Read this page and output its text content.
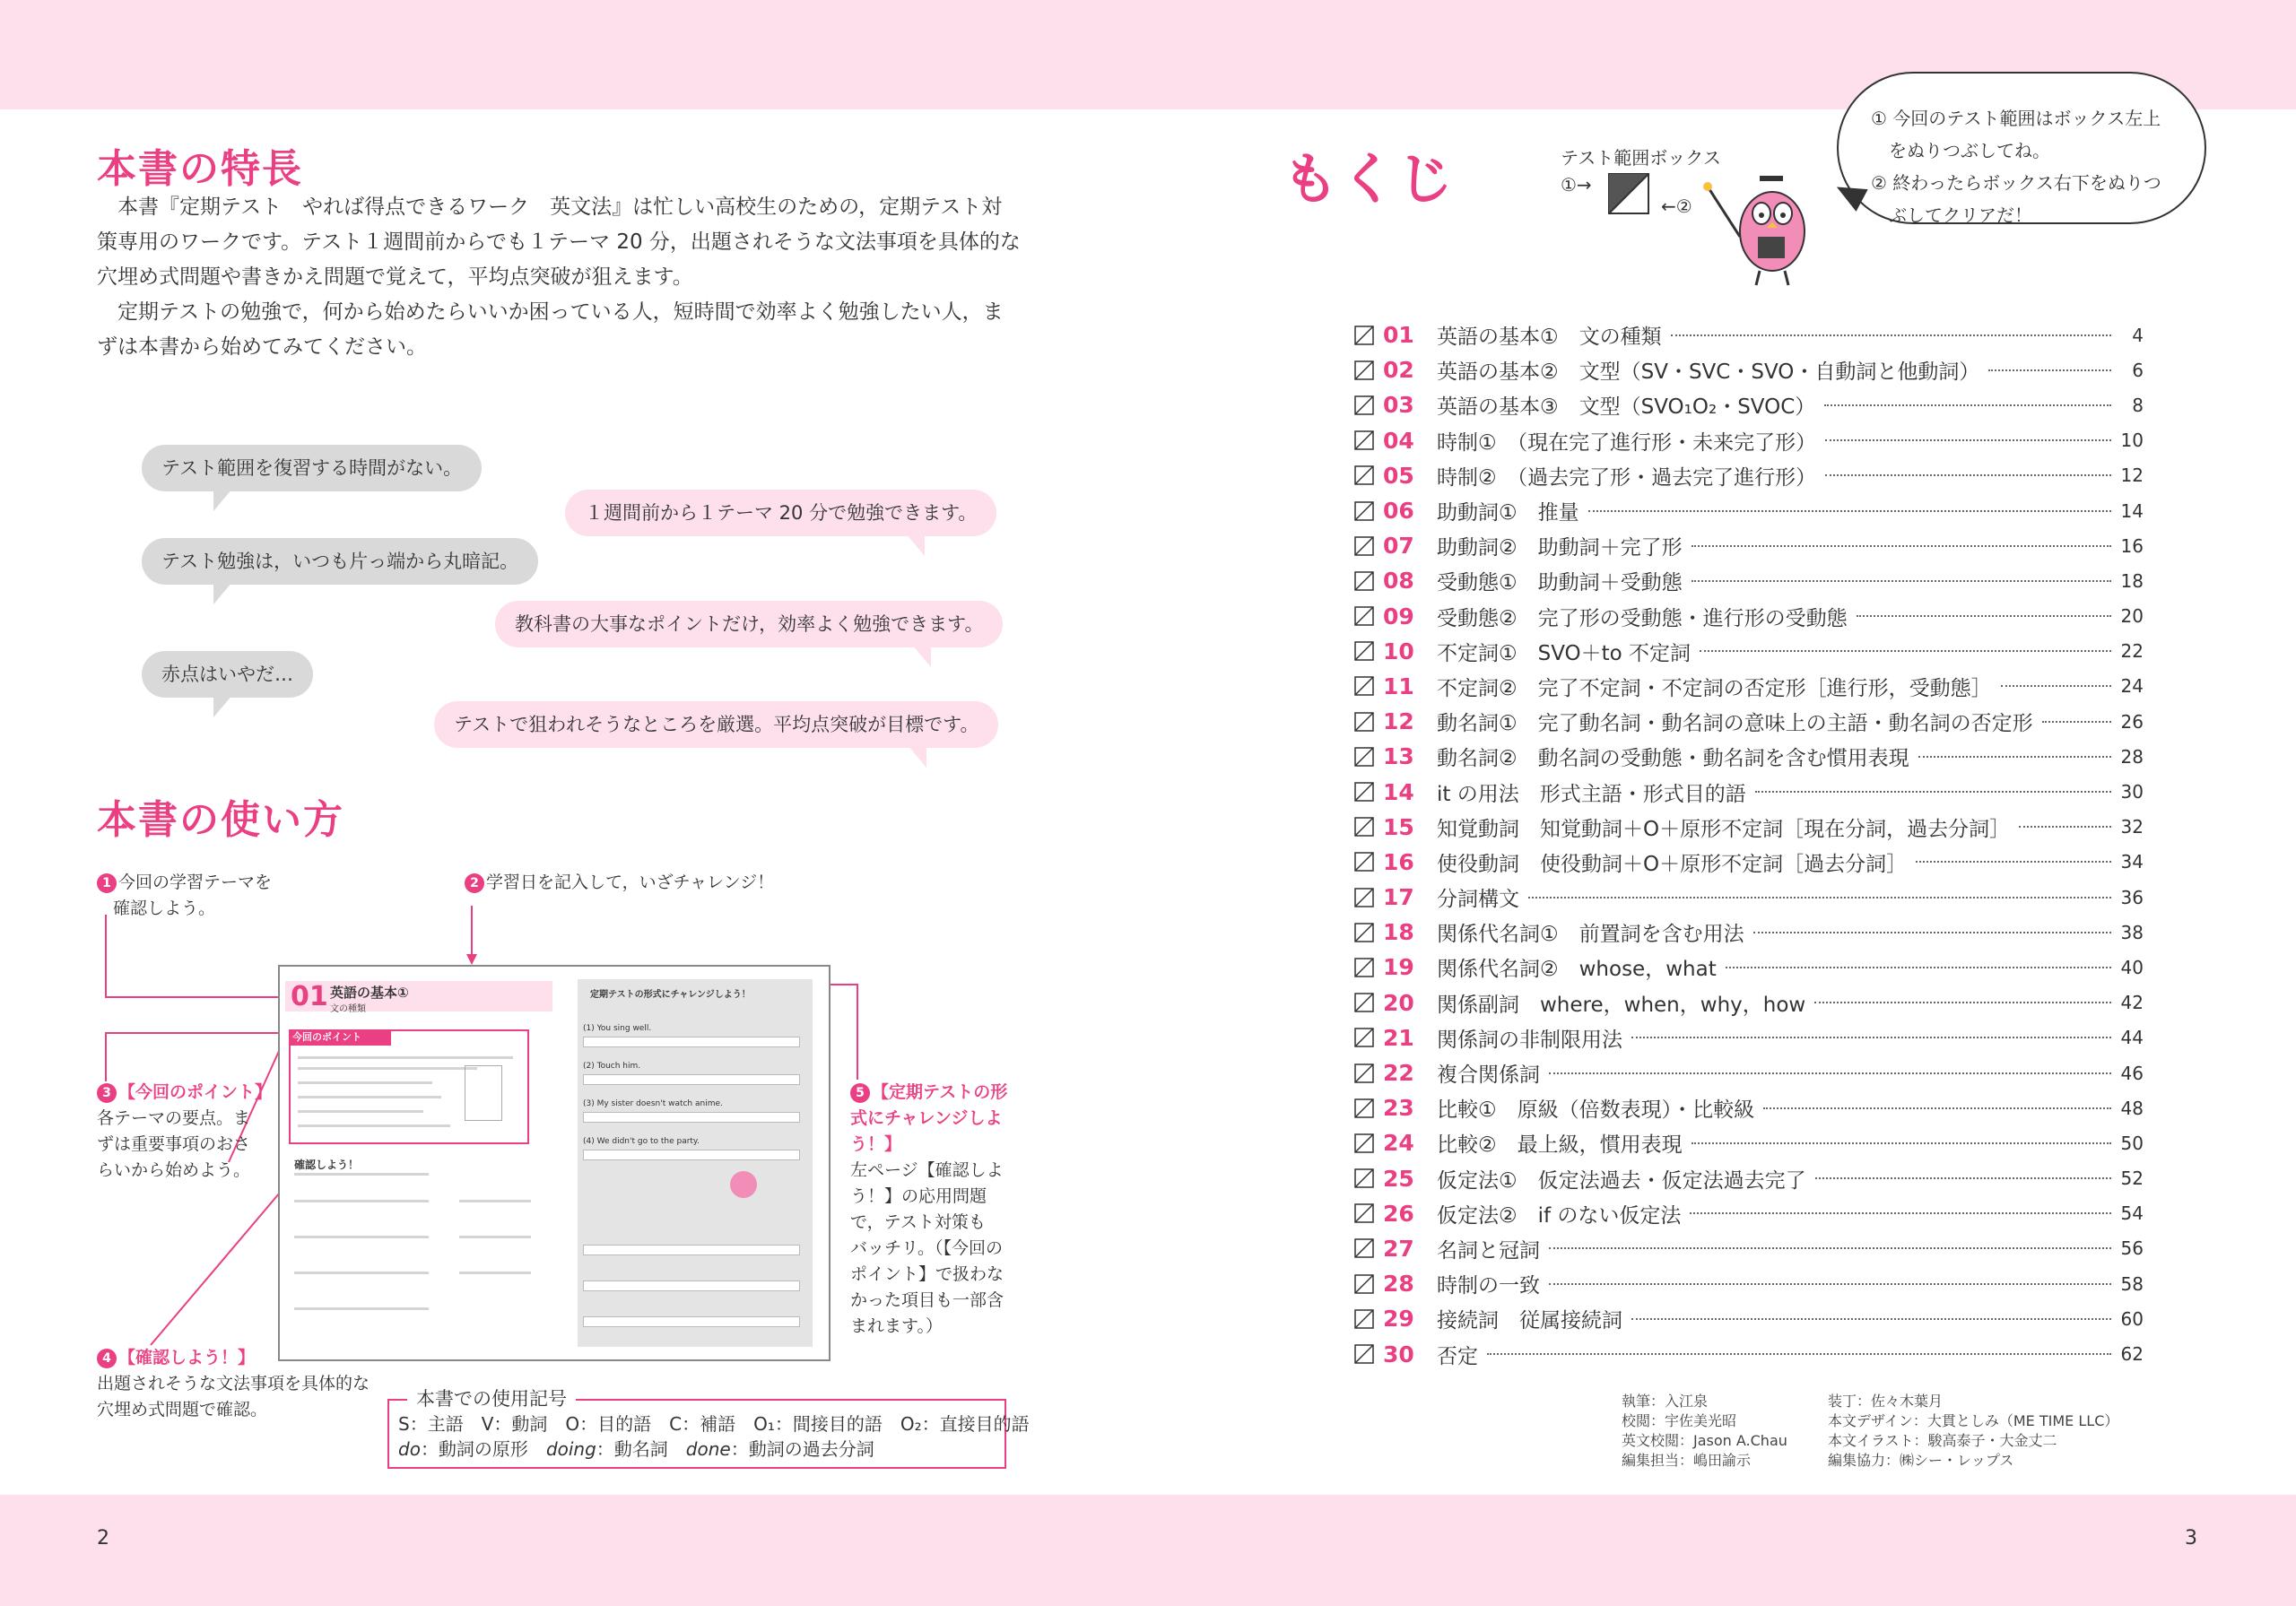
本書の特長

本書『定期テスト　やれば得点できるワーク　英文法』は忙しい高校生のための，定期テスト対策専用のワークです。テスト１週間前からでも１テーマ 20 分，出題されそうな文法事項を具体的な穴埋め式問題や書きかえ問題で覚えて，平均点突破が狙えます。

定期テストの勉強で，何から始めたらいいか困っている人，短時間で効率よく勉強したい人，まずは本書から始めてみてください。

テスト範囲を復習する時間がない。
１週間前から１テーマ 20 分で勉強できます。
テスト勉強は，いつも片っ端から丸暗記。
教科書の大事なポイントだけ，効率よく勉強できます。
赤点はいやだ…
テストで狙われそうなところを厳選。平均点突破が目標です。
本書の使い方
1 今回の学習テーマを
確認しよう。
2 学習日を記入して，いざチャレンジ！
3 【今回のポイント】
各テーマの要点。ま
ずは重要事項のおさ
らいから始めよう。
4 【確認しよう！】
出題されそうな文法事項を具体的な
穴埋め式問題で確認。
5 【定期テストの形
式にチャレンジしよ
う！】
左ページ【確認しよ
う！】の応用問題
で，テスト対策も
バッチリ。（【今回の
ポイント】で扱わな
かった項目も一部含
まれます。）
01 英語の基本①
文の種類
今回のポイント
確認しよう！
定期テストの形式にチャレンジしよう！
(1) You sing well.
(2) Touch him.
(3) My sister doesn't watch anime.
(4) We didn't go to the party.
本書での使用記号
S：主語　V：動詞　O：目的語　C：補語　O₁：間接目的語　O₂：直接目的語
do：動詞の原形　doing：動名詞　done：動詞の過去分詞
2
もくじ	テスト範囲ボックス
①→
←②
① 今回のテスト範囲はボックス左上
　をぬりつぶしてね。
② 終わったらボックス右下をぬりつ
　ぶしてクリアだ！
01	英語の基本①　文の種類	4
02	英語の基本②　文型（SV・SVC・SVO・自動詞と他動詞）	6
03	英語の基本③　文型（SVO₁O₂・SVOC）	8
04	時制①　（現在完了進行形・未来完了形）	10
05	時制②　（過去完了形・過去完了進行形）	12
06	助動詞①　推量	14
07	助動詞②　助動詞＋完了形	16
08	受動態①　助動詞＋受動態	18
09	受動態②　完了形の受動態・進行形の受動態	20
10	不定詞①　SVO＋to 不定詞	22
11	不定詞②　完了不定詞・不定詞の否定形［進行形，受動態］	24
12	動名詞①　完了動名詞・動名詞の意味上の主語・動名詞の否定形	26
13	動名詞②　動名詞の受動態・動名詞を含む慣用表現	28
14	it の用法　形式主語・形式目的語	30
15	知覚動詞　知覚動詞＋O＋原形不定詞［現在分詞，過去分詞］	32
16	使役動詞　使役動詞＋O＋原形不定詞［過去分詞］	34
17	分詞構文	36
18	関係代名詞①　前置詞を含む用法	38
19	関係代名詞②　whose，what	40
20	関係副詞　where，when，why，how	42
21	関係詞の非制限用法	44
22	複合関係詞	46
23	比較①　原級（倍数表現）・比較級	48
24	比較②　最上級，慣用表現	50
25	仮定法①　仮定法過去・仮定法過去完了	52
26	仮定法②　if のない仮定法	54
27	名詞と冠詞	56
28	時制の一致	58
29	接続詞　従属接続詞	60
30	否定	62
執筆：入江泉
校閲：宇佐美光昭
英文校閲：Jason A.Chau
編集担当：嶋田諭示
装丁：佐々木葉月
本文デザイン：大貫としみ（ME TIME LLC）
本文イラスト：駿高泰子・大金丈二
編集協力：㈱シー・レップス
3
